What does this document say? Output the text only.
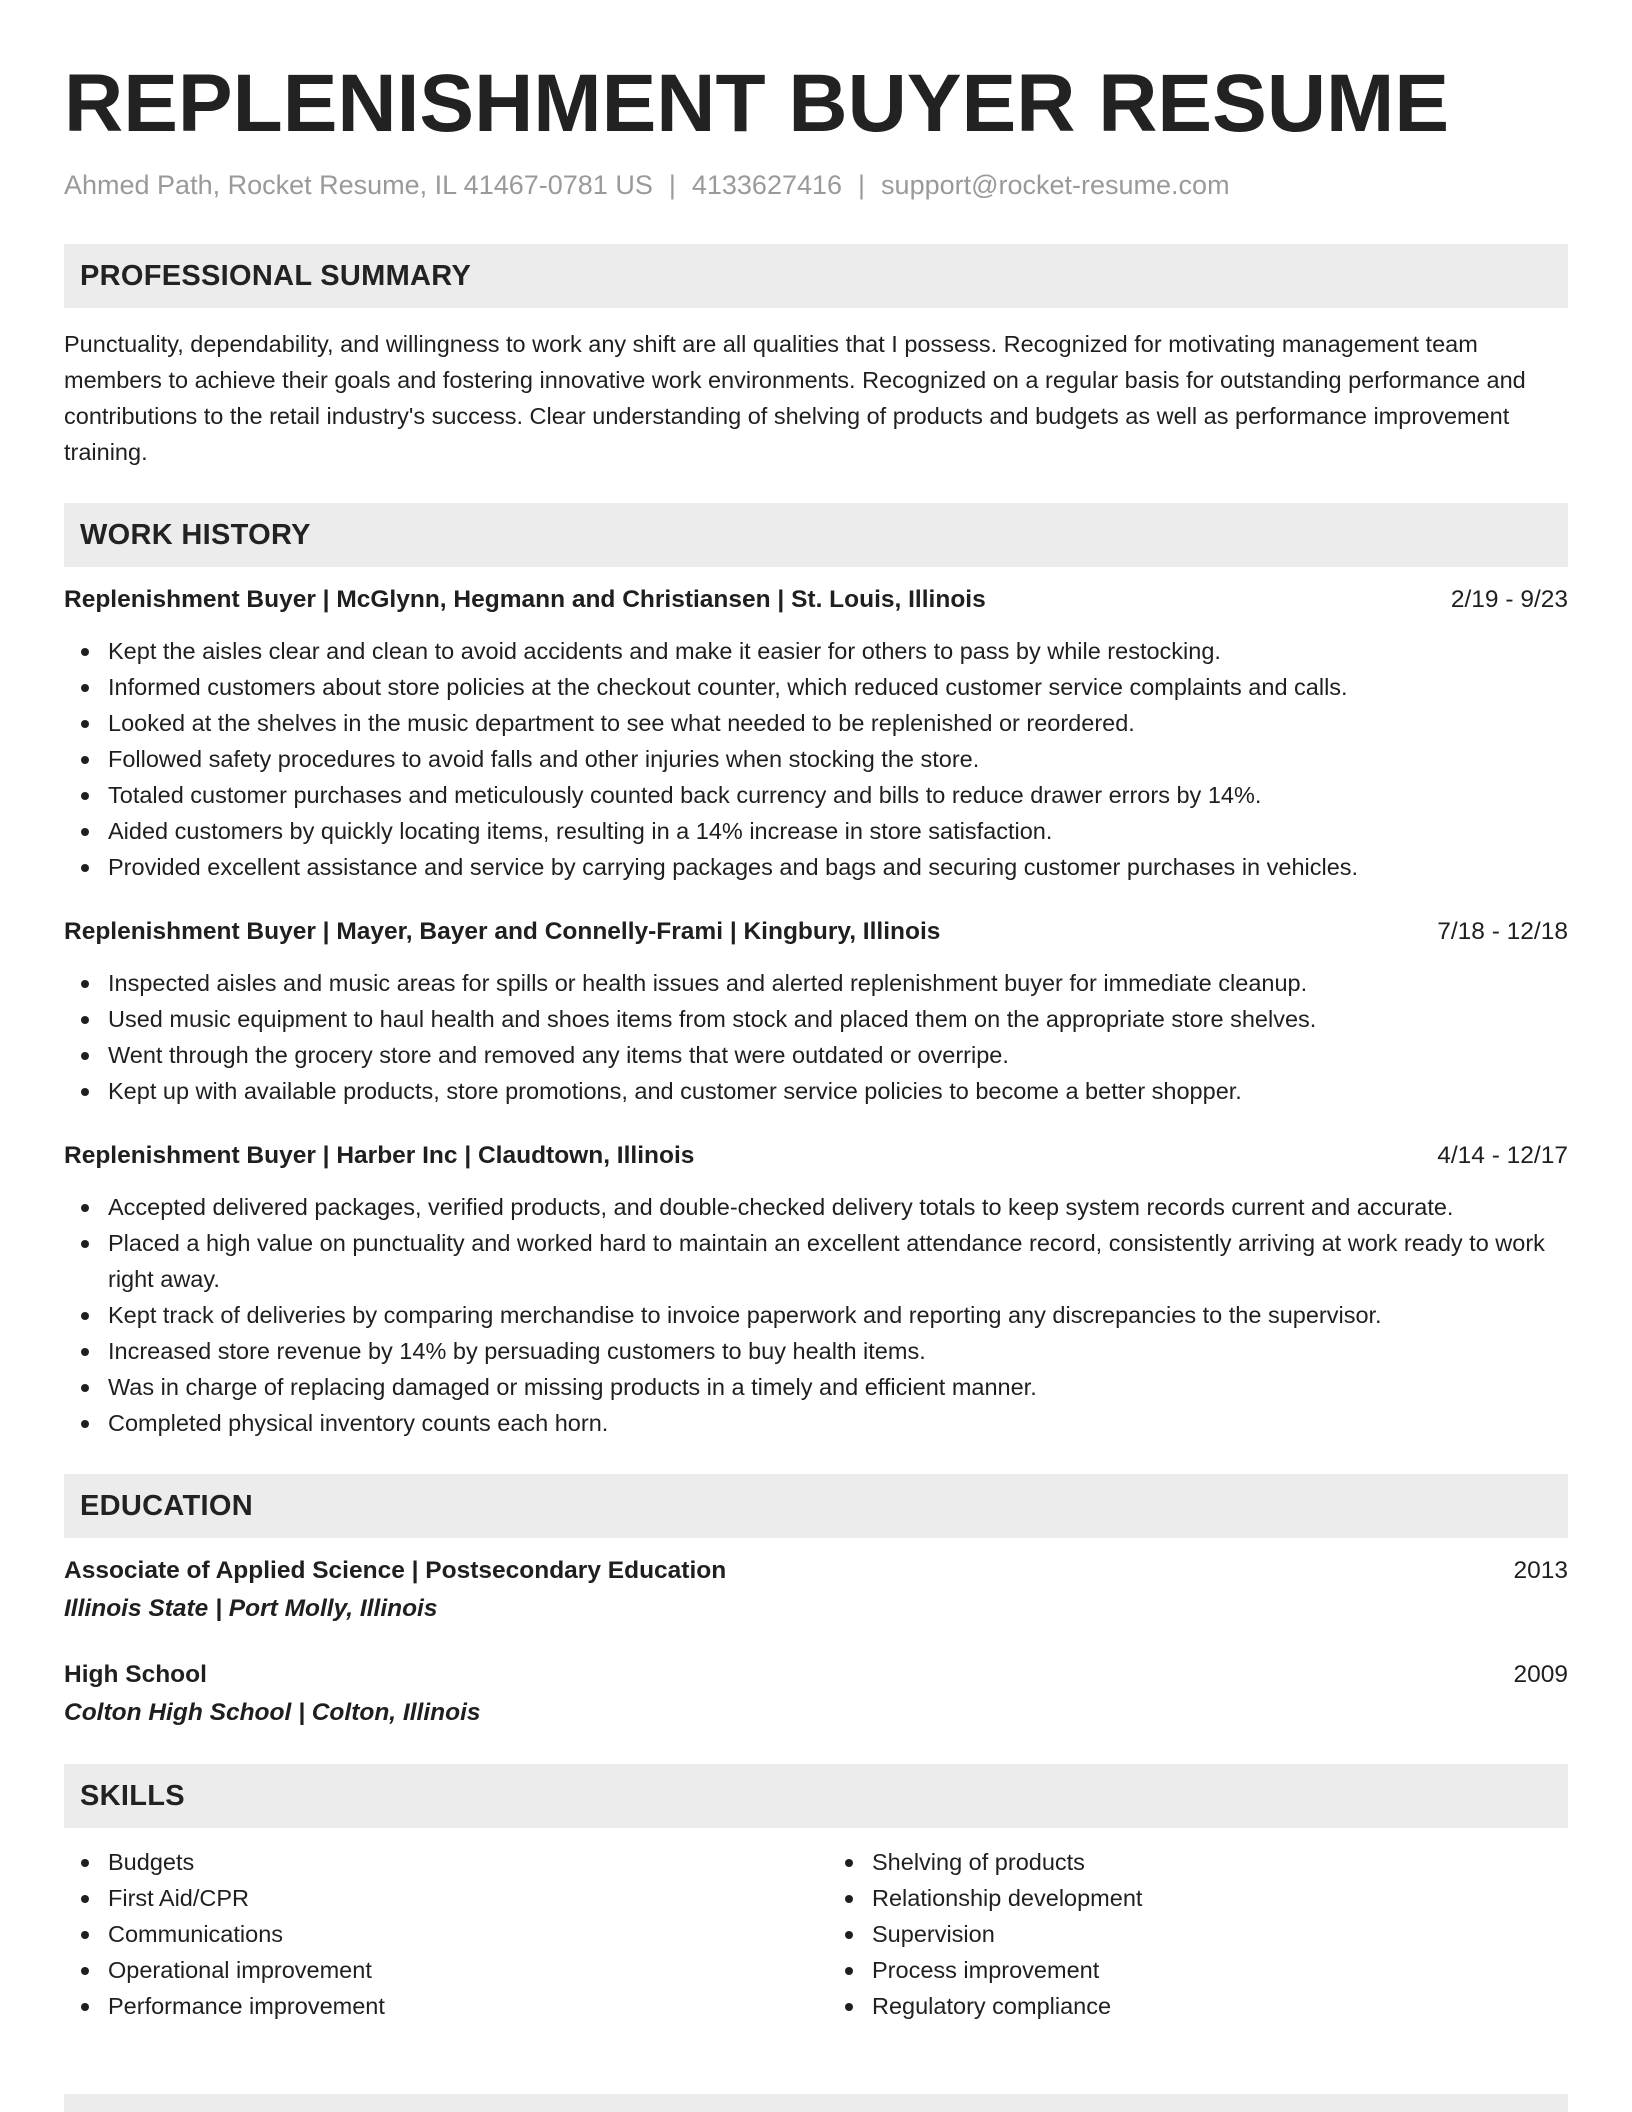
REPLENISHMENT BUYER RESUME
Ahmed Path, Rocket Resume, IL 41467-0781 US | 4133627416 | support@rocket-resume.com
PROFESSIONAL SUMMARY

Punctuality, dependability, and willingness to work any shift are all qualities that I possess. Recognized for motivating management team members to achieve their goals and fostering innovative work environments. Recognized on a regular basis for outstanding performance and contributions to the retail industry's success. Clear understanding of shelving of products and budgets as well as performance improvement training.

WORK HISTORY
Replenishment Buyer | McGlynn, Hegmann and Christiansen | St. Louis, Illinois	2/19 - 9/23
Kept the aisles clear and clean to avoid accidents and make it easier for others to pass by while restocking.
Informed customers about store policies at the checkout counter, which reduced customer service complaints and calls.
Looked at the shelves in the music department to see what needed to be replenished or reordered.
Followed safety procedures to avoid falls and other injuries when stocking the store.
Totaled customer purchases and meticulously counted back currency and bills to reduce drawer errors by 14%.
Aided customers by quickly locating items, resulting in a 14% increase in store satisfaction.
Provided excellent assistance and service by carrying packages and bags and securing customer purchases in vehicles.
Replenishment Buyer | Mayer, Bayer and Connelly-Frami | Kingbury, Illinois	7/18 - 12/18
Inspected aisles and music areas for spills or health issues and alerted replenishment buyer for immediate cleanup.
Used music equipment to haul health and shoes items from stock and placed them on the appropriate store shelves.
Went through the grocery store and removed any items that were outdated or overripe.
Kept up with available products, store promotions, and customer service policies to become a better shopper.
Replenishment Buyer | Harber Inc | Claudtown, Illinois	4/14 - 12/17
Accepted delivered packages, verified products, and double-checked delivery totals to keep system records current and accurate.
Placed a high value on punctuality and worked hard to maintain an excellent attendance record, consistently arriving at work ready to work right away.
Kept track of deliveries by comparing merchandise to invoice paperwork and reporting any discrepancies to the supervisor.
Increased store revenue by 14% by persuading customers to buy health items.
Was in charge of replacing damaged or missing products in a timely and efficient manner.
Completed physical inventory counts each horn.
EDUCATION
Associate of Applied Science | Postsecondary Education	2013
Illinois State | Port Molly, Illinois
High School	2009
Colton High School | Colton, Illinois
SKILLS
Budgets
First Aid/CPR
Communications
Operational improvement
Performance improvement
Shelving of products
Relationship development
Supervision
Process improvement
Regulatory compliance
